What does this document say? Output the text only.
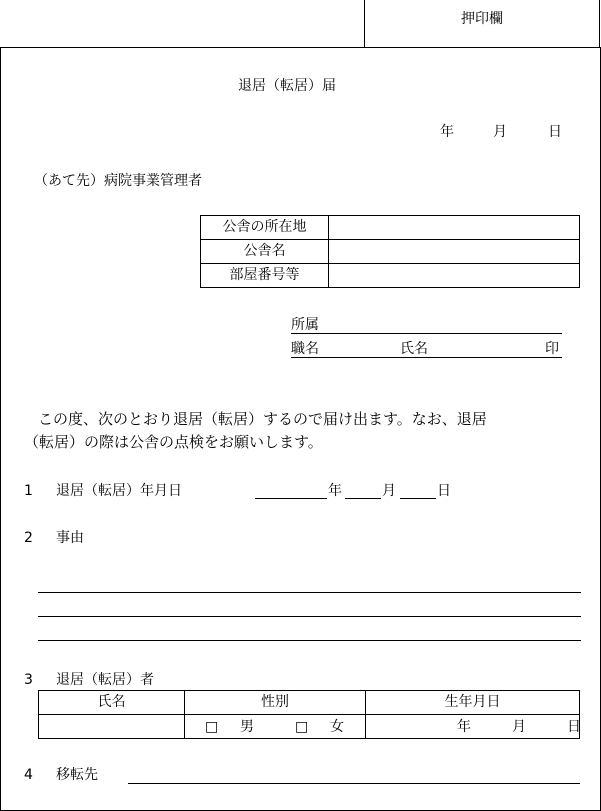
押印欄
退居（転居）届
年	月	日
（あて先）病院事業管理者
公舎の所在地	
公舎名	
部屋番号等	
所属
職名	氏名	印
この度、次のとおり退居（転居）するので届け出ます。なお、退居
（転居）の際は公舎の点検をお願いします。
1 退居（転居）年月日	年	月	日
2 事由
3 退居（転居）者
氏名	性別	生年月日

	□ 男 □ 女	年 月 日
4 移転先
